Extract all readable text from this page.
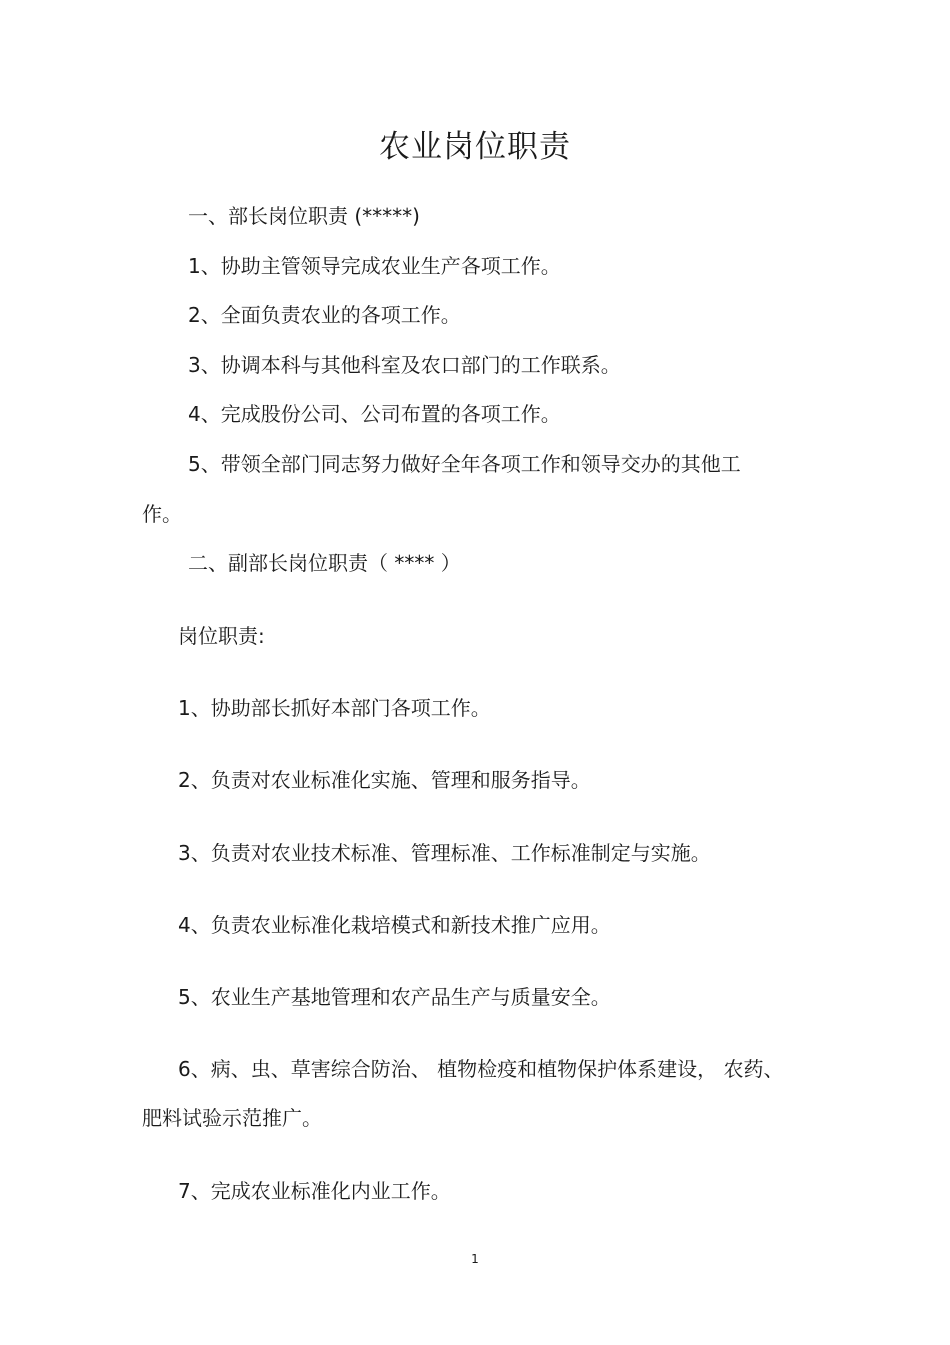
农业岗位职责
一、部长岗位职责 (*****)
1、协助主管领导完成农业生产各项工作。
2、全面负责农业的各项工作。
3、协调本科与其他科室及农口部门的工作联系。
4、完成股份公司、公司布置的各项工作。
5、带领全部门同志努力做好全年各项工作和领导交办的其他工
作。
二、副部长岗位职责（ **** ）
岗位职责:
1、协助部长抓好本部门各项工作。
2、负责对农业标准化实施、管理和服务指导。
3、负责对农业技术标准、管理标准、工作标准制定与实施。
4、负责农业标准化栽培模式和新技术推广应用。
5、农业生产基地管理和农产品生产与质量安全。
6、病、虫、草害综合防治、 植物检疫和植物保护体系建设， 农药、
肥料试验示范推广。
7、完成农业标准化内业工作。
1
